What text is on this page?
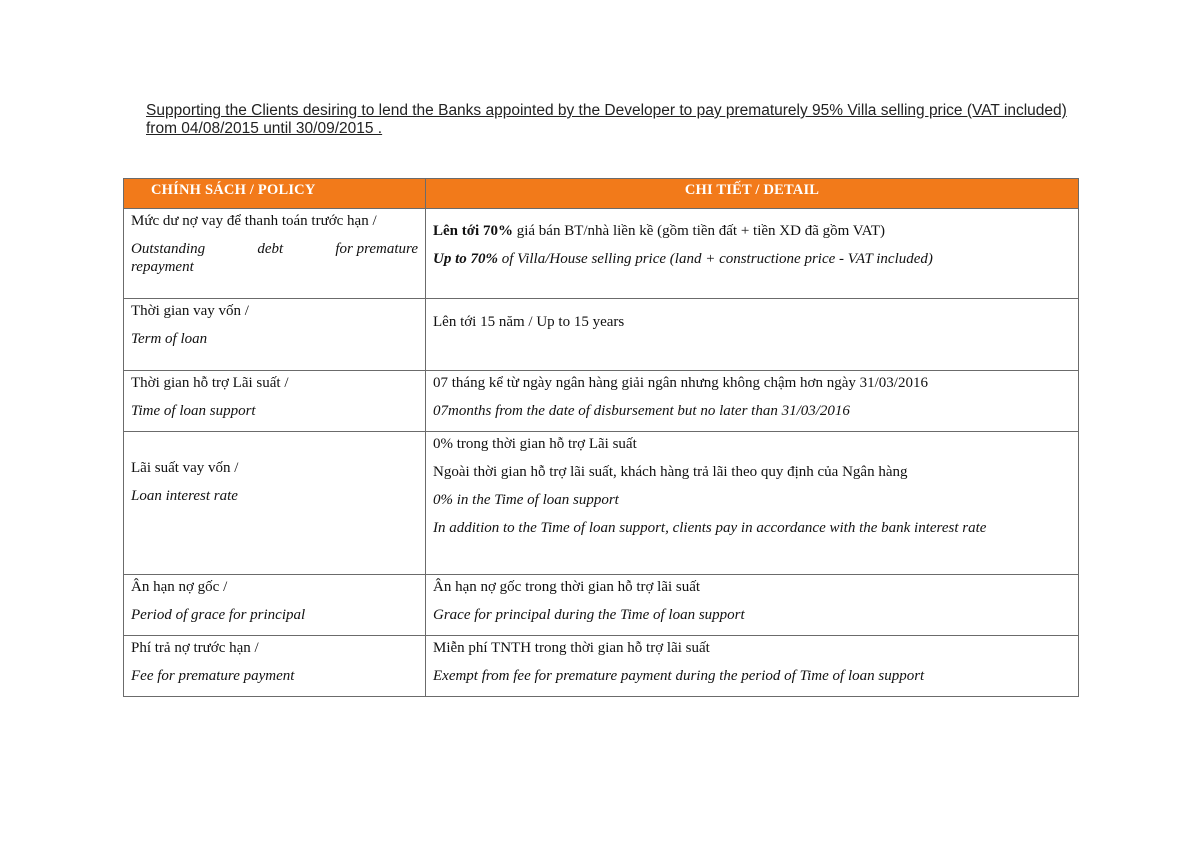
Supporting the Clients desiring to lend the Banks appointed by the Developer to pay prematurely 95% Villa selling price (VAT included)
from 04/08/2015 until 30/09/2015 .

CHÍNH SÁCH / POLICY	CHI TIẾT / DETAIL

Mức dư nợ vay để thanh toán trước hạn /
Outstanding debt for premature
repayment	Lên tới 70% giá bán BT/nhà liền kề (gồm tiền đất + tiền XD đã gồm VAT)
Up to 70% of Villa/House selling price (land + constructione price - VAT included)

Thời gian vay vốn /
Term of loan	Lên tới 15 năm / Up to 15 years

Thời gian hỗ trợ Lãi suất /
Time of loan support	07 tháng kể từ ngày ngân hàng giải ngân nhưng không chậm hơn ngày 31/03/2016
07months from the date of disbursement but no later than 31/03/2016

Lãi suất vay vốn /
Loan interest rate	0% trong thời gian hỗ trợ Lãi suất
Ngoài thời gian hỗ trợ lãi suất, khách hàng trả lãi theo quy định của Ngân hàng
0% in the Time of loan support
In addition to the Time of loan support, clients pay in accordance with the bank interest rate

Ân hạn nợ gốc /
Period of grace for principal	Ân hạn nợ gốc trong thời gian hỗ trợ lãi suất
Grace for principal during the Time of loan support

Phí trả nợ trước hạn /
Fee for premature payment	Miễn phí TNTH trong thời gian hỗ trợ lãi suất
Exempt from fee for premature payment during the period of Time of loan support
